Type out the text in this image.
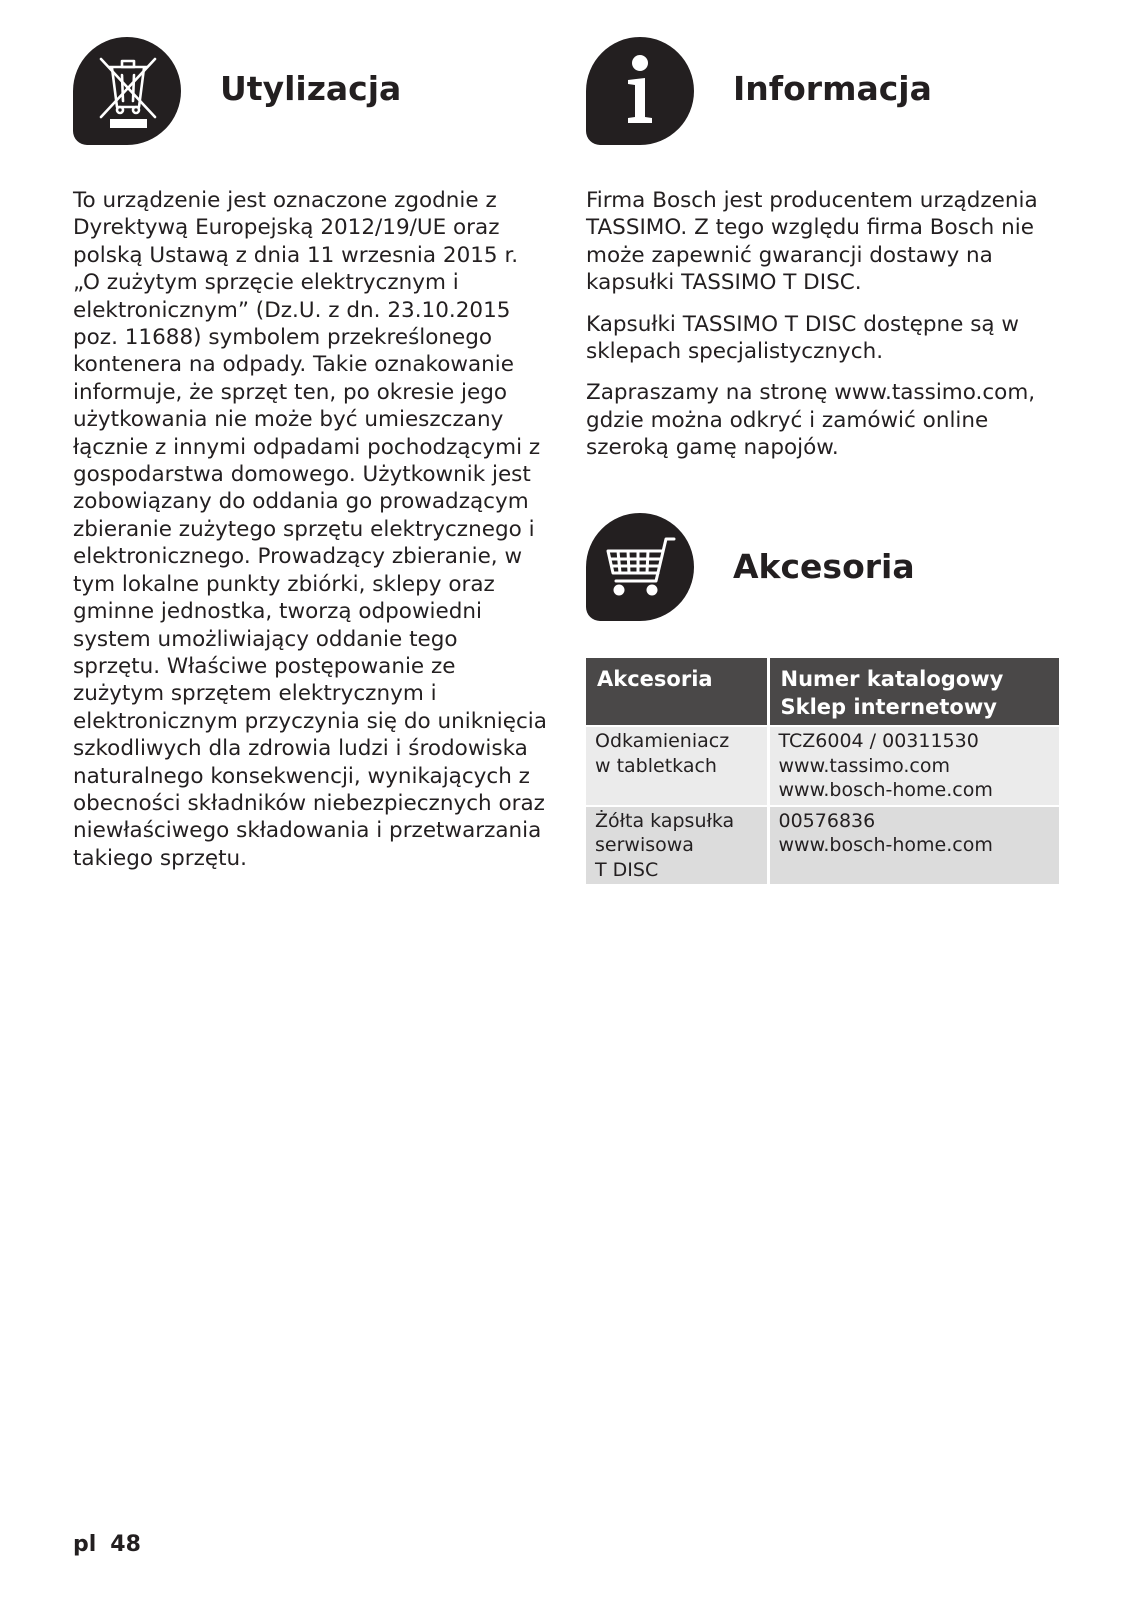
Utylizacja
To urządzenie jest oznaczone zgodnie z Dyrektywą Europejską 2012/19/UE oraz polską Ustawą z dnia 11 wrzesnia 2015 r. „O zużytym sprzęcie elektrycznym i elektronicznym” (Dz.U. z dn. 23.10.2015 poz. 11688) symbolem przekreślonego kontenera na odpady. Takie oznakowanie informuje, że sprzęt ten, po okresie jego użytkowania nie może być umieszczany łącznie z innymi odpadami pochodzącymi z gospodarstwa domowego. Użytkownik jest zobowiązany do oddania go prowadzącym zbieranie zużytego sprzętu elektrycznego i elektronicznego. Prowadzący zbieranie, w tym lokalne punkty zbiórki, sklepy oraz gminne jednostka, tworzą odpowiedni system umożliwiający oddanie tego sprzętu. Właściwe postępowanie ze zużytym sprzętem elektrycznym i elektronicznym przyczynia się do uniknięcia szkodliwych dla zdrowia ludzi i środowiska naturalnego konsekwencji, wynikających z obecności składników niebezpiecznych oraz niewłaściwego składowania i przetwarzania takiego sprzętu.
Informacja

Firma Bosch jest producentem urządzenia TASSIMO. Z tego względu firma Bosch nie może zapewnić gwarancji dostawy na kapsułki TASSIMO T DISC.

Kapsułki TASSIMO T DISC dostępne są w sklepach specjalistycznych.

Zapraszamy na stronę www.tassimo.com, gdzie można odkryć i zamówić online szeroką gamę napojów.

Akcesoria
Akcesoria	Numer katalogowy Sklep internetowy

Odkamieniacz
w tabletkach	TCZ6004 / 00311530
www.tassimo.com
www.bosch-home.com

Żółta kapsułka
serwisowa
T DISC	00576836
www.bosch-home.com
pl 48
